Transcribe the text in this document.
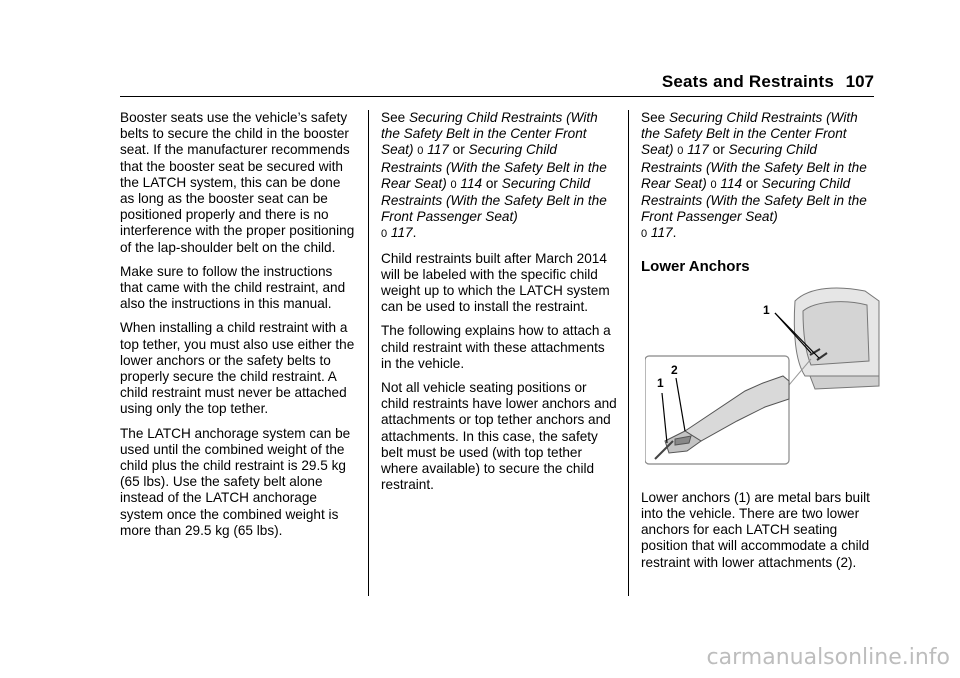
Seats and Restraints 107

Booster seats use the vehicle’s safety belts to secure the child in the booster seat. If the manufacturer recommends that the booster seat be secured with the LATCH system, this can be done as long as the booster seat can be positioned properly and there is no interference with the proper positioning of the lap-shoulder belt on the child.

Make sure to follow the instructions that came with the child restraint, and also the instructions in this manual.

When installing a child restraint with a top tether, you must also use either the lower anchors or the safety belts to properly secure the child restraint. A child restraint must never be attached using only the top tether.

The LATCH anchorage system can be used until the combined weight of the child plus the child restraint is 29.5 kg (65 lbs). Use the safety belt alone instead of the LATCH anchorage system once the combined weight is more than 29.5 kg (65 lbs).

See Securing Child Restraints (With the Safety Belt in the Center Front Seat) 0 117 or Securing Child Restraints (With the Safety Belt in the Rear Seat) 0 114 or Securing Child Restraints (With the Safety Belt in the Front Passenger Seat)
0 117.

Child restraints built after March 2014 will be labeled with the specific child weight up to which the LATCH system can be used to install the restraint.

The following explains how to attach a child restraint with these attachments in the vehicle.

Not all vehicle seating positions or child restraints have lower anchors and attachments or top tether anchors and attachments. In this case, the safety belt must be used (with top tether where available) to secure the child restraint.

See Securing Child Restraints (With the Safety Belt in the Center Front Seat) 0 117 or Securing Child Restraints (With the Safety Belt in the Rear Seat) 0 114 or Securing Child Restraints (With the Safety Belt in the Front Passenger Seat)
0 117.

Lower Anchors

Lower anchors (1) are metal bars built into the vehicle. There are two lower anchors for each LATCH seating position that will accommodate a child restraint with lower attachments (2).

1
2
1
carmanualsonline.info
